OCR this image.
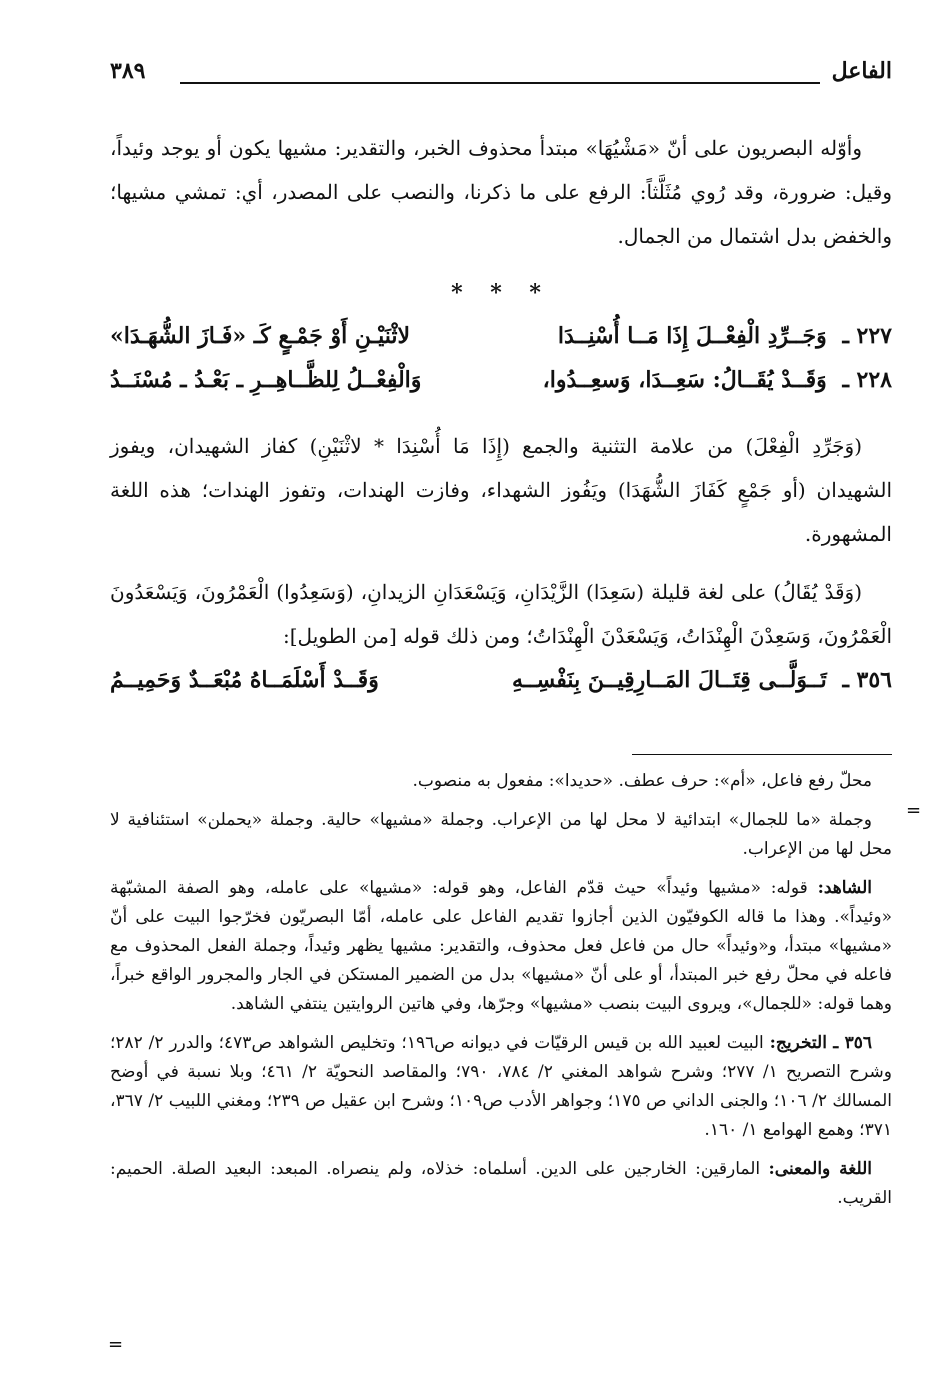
الفاعل
٣٨٩

وأوّله البصريون على أنّ «مَشْيُهَا» مبتدأ محذوف الخبر، والتقدير: مشيها يكون أو يوجد وئيداً، وقيل: ضرورة، وقد رُوي مُثَلَّثاً: الرفع على ما ذكرنا، والنصب على المصدر، أي: تمشي مشيها؛ والخفض بدل اشتمال من الجمال.

* * *
٢٢٧ ـ وَجَــرِّدِ الْفِعْــلَ إِذَا مَــا أُسْنِــدَا
لاثْنَيْـنِ أَوْ جَمْـعٍ كَـ «فَـازَ الشُّهَـدَا»
٢٢٨ ـ وَقَــدْ يُقَــالُ: سَعِــدَا، وَسعِــدُوا،
وَالْفِعْــلُ لِلظَّــاهِــرِ ـ بَعْـدُ ـ مُسْنَــدُ

(وَجَرِّدِ الْفِعْلَ) من علامة التثنية والجمع (إِذَا مَا أُسْنِدَا * لاثْنَيْنِ) كفاز الشهيدان، ويفوز الشهيدان (أو جَمْعٍ كَفَازَ الشُّهَدَا) ويَفُوز الشهداء، وفازت الهندات، وتفوز الهندات؛ هذه اللغة المشهورة.

(وَقَدْ يُقَالُ) على لغة قليلة (سَعِدَا) الزَّيْدَانِ، وَيَسْعَدَانِ الزيدانِ، (وَسَعِدُوا) الْعَمْرُونَ، وَيَسْعَدُونَ الْعَمْرُونَ، وَسَعِدْنَ الْهِنْدَاتُ، وَيَسْعَدْنَ الْهِنْدَاتُ؛ ومن ذلك قوله [من الطويل]:

٣٥٦ ـ تَــوَلَّــى قِتَــالَ المَــارِقِيــنَ بِنَفْسِــهِ
وَقَــدْ أَسْلَمَــاهُ مُبْعَــدٌ وَحَمِيــمُ

محلّ رفع فاعل، «أم»: حرف عطف. «حديدا»: مفعول به منصوب.

وجملة «ما للجمال» ابتدائية لا محل لها من الإعراب. وجملة «مشيها» حالية. وجملة «يحملن» استئنافية لا محل لها من الإعراب.

الشاهد: قوله: «مشيها وئيداً» حيث قدّم الفاعل، وهو قوله: «مشيها» على عامله، وهو الصفة المشبّهة «وئيداً». وهذا ما قاله الكوفيّون الذين أجازوا تقديم الفاعل على عامله، أمّا البصريّون فخرّجوا البيت على أنّ «مشيها» مبتدأ، و«وئيداً» حال من فاعل فعل محذوف، والتقدير: مشيها يظهر وئيداً، وجملة الفعل المحذوف مع فاعله في محلّ رفع خبر المبتدأ، أو على أنّ «مشيها» بدل من الضمير المستكن في الجار والمجرور الواقع خبراً، وهما قوله: «للجمال»، ويروى البيت بنصب «مشيها» وجرّها، وفي هاتين الروايتين ينتفي الشاهد.

٣٥٦ ـ التخريج: البيت لعبيد الله بن قيس الرقيّات في ديوانه ص١٩٦؛ وتخليص الشواهد ص٤٧٣؛ والدرر ٢/ ٢٨٢؛ وشرح التصريح ١/ ٢٧٧؛ وشرح شواهد المغني ٢/ ٧٨٤، ٧٩٠؛ والمقاصد النحويّة ٢/ ٤٦١؛ وبلا نسبة في أوضح المسالك ٢/ ١٠٦؛ والجنى الداني ص ١٧٥؛ وجواهر الأدب ص١٠٩؛ وشرح ابن عقيل ص ٢٣٩؛ ومغني اللبيب ٢/ ٣٦٧، ٣٧١؛ وهمع الهوامع ١/ ١٦٠.

اللغة والمعنى: المارقين: الخارجين على الدين. أسلماه: خذلاه، ولم ينصراه. المبعد: البعيد الصلة. الحميم: القريب.

=
=
